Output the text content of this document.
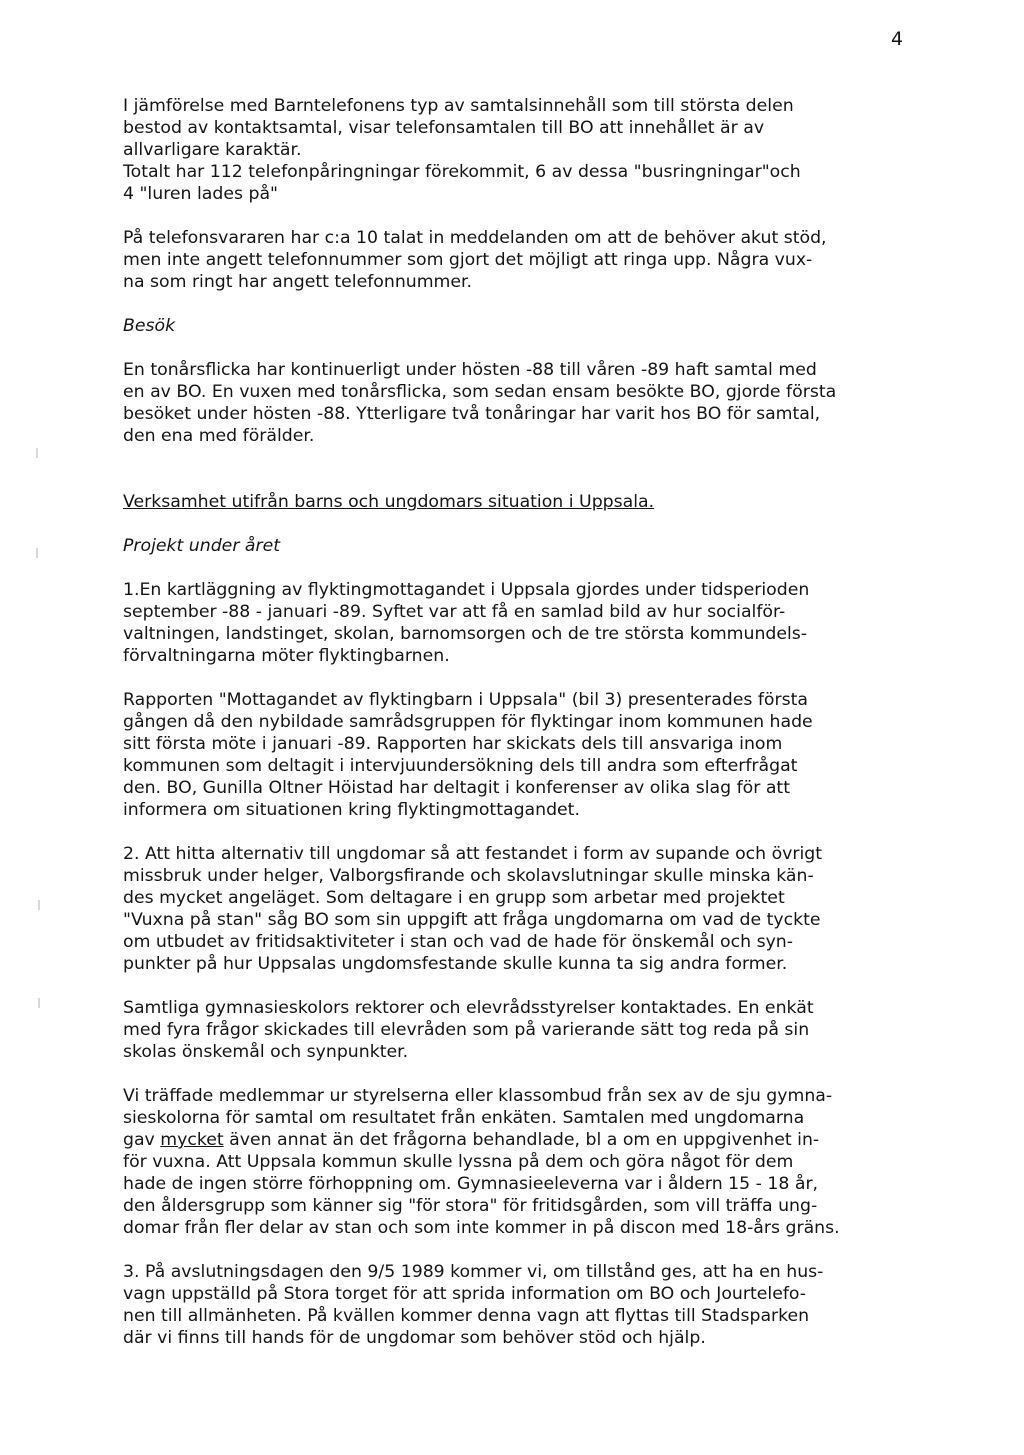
4

I jämförelse med Barntelefonens typ av samtalsinnehåll som till största delen
bestod av kontaktsamtal, visar telefonsamtalen till BO att innehållet är av
allvarligare karaktär.
Totalt har 112 telefonpåringningar förekommit, 6 av dessa "busringningar"och
4 "luren lades på"

På telefonsvararen har c:a 10 talat in meddelanden om att de behöver akut stöd,
men inte angett telefonnummer som gjort det möjligt att ringa upp. Några vux-
na som ringt har angett telefonnummer.

Besök

En tonårsflicka har kontinuerligt under hösten -88 till våren -89 haft samtal med
en av BO. En vuxen med tonårsflicka, som sedan ensam besökte BO, gjorde första
besöket under hösten -88. Ytterligare två tonåringar har varit hos BO för samtal,
den ena med förälder.

Verksamhet utifrån barns och ungdomars situation i Uppsala.

Projekt under året

1.En kartläggning av flyktingmottagandet i Uppsala gjordes under tidsperioden
september -88 - januari -89. Syftet var att få en samlad bild av hur socialför-
valtningen, landstinget, skolan, barnomsorgen och de tre största kommundels-
förvaltningarna möter flyktingbarnen.

Rapporten "Mottagandet av flyktingbarn i Uppsala" (bil 3) presenterades första
gången då den nybildade samrådsgruppen för flyktingar inom kommunen hade
sitt första möte i januari -89. Rapporten har skickats dels till ansvariga inom
kommunen som deltagit i intervjuundersökning dels till andra som efterfrågat
den. BO, Gunilla Oltner Höistad har deltagit i konferenser av olika slag för att
informera om situationen kring flyktingmottagandet.

2. Att hitta alternativ till ungdomar så att festandet i form av supande och övrigt
missbruk under helger, Valborgsfirande och skolavslutningar skulle minska kän-
des mycket angeläget. Som deltagare i en grupp som arbetar med projektet
"Vuxna på stan" såg BO som sin uppgift att fråga ungdomarna om vad de tyckte
om utbudet av fritidsaktiviteter i stan och vad de hade för önskemål och syn-
punkter på hur Uppsalas ungdomsfestande skulle kunna ta sig andra former.

Samtliga gymnasieskolors rektorer och elevrådsstyrelser kontaktades. En enkät
med fyra frågor skickades till elevråden som på varierande sätt tog reda på sin
skolas önskemål och synpunkter.

Vi träffade medlemmar ur styrelserna eller klassombud från sex av de sju gymna-
sieskolorna för samtal om resultatet från enkäten. Samtalen med ungdomarna
gav mycket även annat än det frågorna behandlade, bl a om en uppgivenhet in-
för vuxna. Att Uppsala kommun skulle lyssna på dem och göra något för dem
hade de ingen större förhoppning om. Gymnasieeleverna var i åldern 15 - 18 år,
den åldersgrupp som känner sig "för stora" för fritidsgården, som vill träffa ung-
domar från fler delar av stan och som inte kommer in på discon med 18-års gräns.

3. På avslutningsdagen den 9/5 1989 kommer vi, om tillstånd ges, att ha en hus-
vagn uppställd på Stora torget för att sprida information om BO och Jourtelefo-
nen till allmänheten. På kvällen kommer denna vagn att flyttas till Stadsparken
där vi finns till hands för de ungdomar som behöver stöd och hjälp.
